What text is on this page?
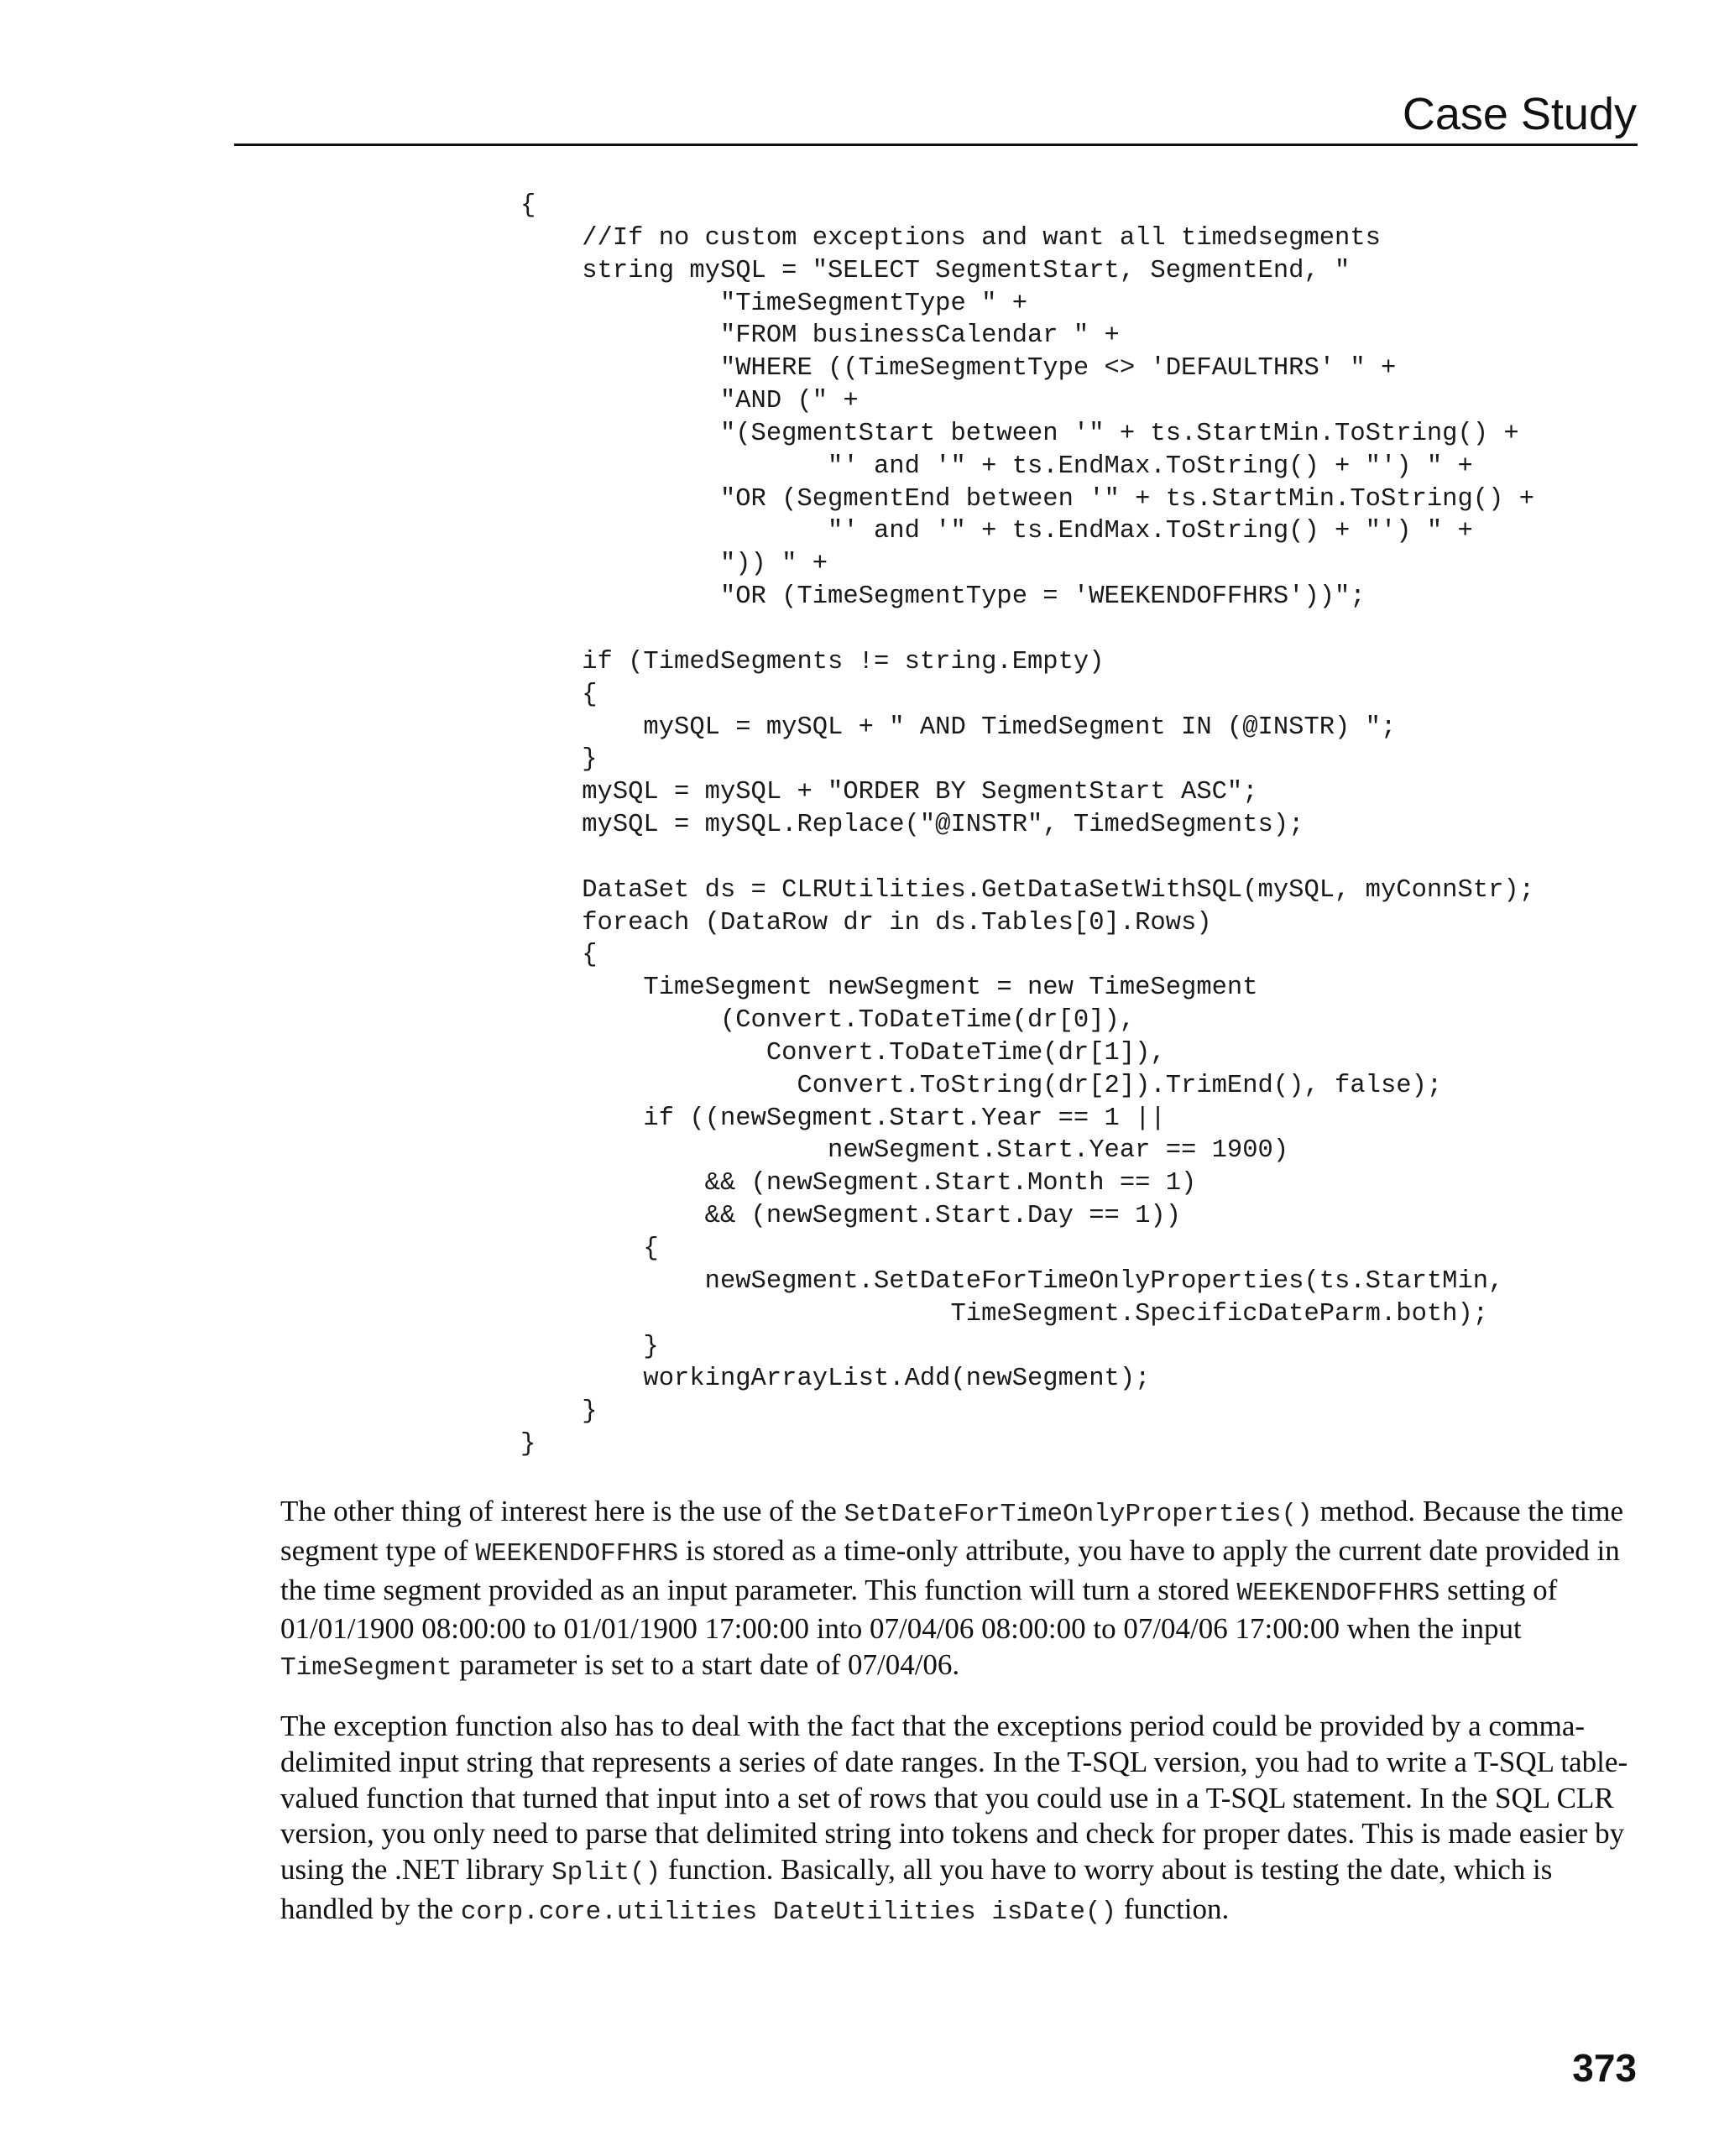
Case Study
{
//If no custom exceptions and want all timedsegments
string mySQL = "SELECT SegmentStart, SegmentEnd, "
"TimeSegmentType " +
"FROM businessCalendar " +
"WHERE ((TimeSegmentType <> 'DEFAULTHRS' " +
"AND (" +
"(SegmentStart between '" + ts.StartMin.ToString() +
"' and '" + ts.EndMax.ToString() + "') " +
"OR (SegmentEnd between '" + ts.StartMin.ToString() +
"' and '" + ts.EndMax.ToString() + "') " +
")) " +
"OR (TimeSegmentType = 'WEEKENDOFFHRS'))";
if (TimedSegments != string.Empty)
{
mySQL = mySQL + " AND TimedSegment IN (@INSTR) ";
}
mySQL = mySQL + "ORDER BY SegmentStart ASC";
mySQL = mySQL.Replace("@INSTR", TimedSegments);
DataSet ds = CLRUtilities.GetDataSetWithSQL(mySQL, myConnStr);
foreach (DataRow dr in ds.Tables[0].Rows)
{
TimeSegment newSegment = new TimeSegment
(Convert.ToDateTime(dr[0]),
Convert.ToDateTime(dr[1]),
Convert.ToString(dr[2]).TrimEnd(), false);
if ((newSegment.Start.Year == 1 ||
newSegment.Start.Year == 1900)
&& (newSegment.Start.Month == 1)
&& (newSegment.Start.Day == 1))
{
newSegment.SetDateForTimeOnlyProperties(ts.StartMin,
TimeSegment.SpecificDateParm.both);
}
workingArrayList.Add(newSegment);
}
}

The other thing of interest here is the use of the SetDateForTimeOnlyProperties() method. Because the time segment type of WEEKENDOFFHRS is stored as a time-only attribute, you have to apply the current date provided in the time segment provided as an input parameter. This function will turn a stored WEEKENDOFFHRS setting of 01/01/1900 08:00:00 to 01/01/1900 17:00:00 into 07/04/06 08:00:00 to 07/04/06 17:00:00 when the input TimeSegment parameter is set to a start date of 07/04/06.

The exception function also has to deal with the fact that the exceptions period could be provided by a comma-delimited input string that represents a series of date ranges. In the T-SQL version, you had to write a T-SQL table-valued function that turned that input into a set of rows that you could use in a T-SQL statement. In the SQL CLR version, you only need to parse that delimited string into tokens and check for proper dates. This is made easier by using the .NET library Split() function. Basically, all you have to worry about is testing the date, which is handled by the corp.core.utilities DateUtilities isDate() function.

373
